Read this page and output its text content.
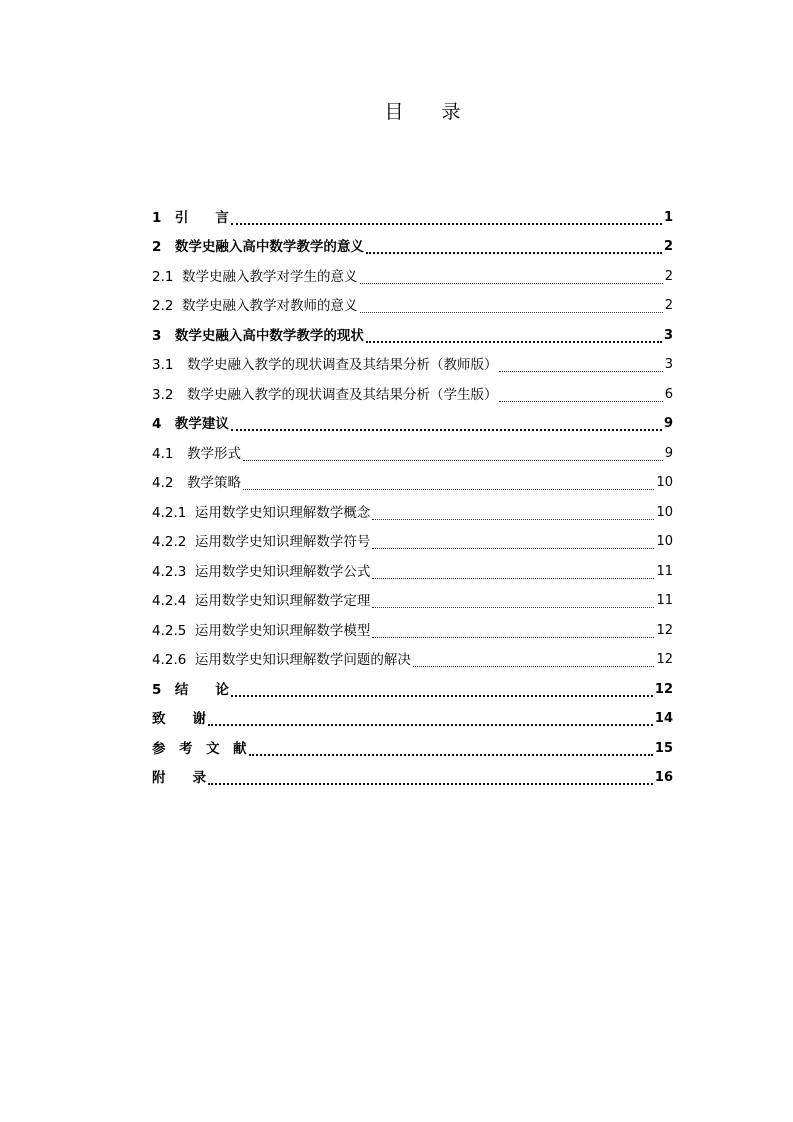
目　　录
1　引　　言	1
2　数学史融入高中数学教学的意义	2
2.1  数学史融入教学对学生的意义	2
2.2  数学史融入教学对教师的意义	2
3　数学史融入高中数学教学的现状	3
3.1　数学史融入教学的现状调查及其结果分析（教师版）	3
3.2　数学史融入教学的现状调查及其结果分析（学生版）	6
4　教学建议	9
4.1　教学形式	9
4.2　教学策略	10
4.2.1  运用数学史知识理解数学概念	10
4.2.2  运用数学史知识理解数学符号	10
4.2.3  运用数学史知识理解数学公式	11
4.2.4  运用数学史知识理解数学定理	11
4.2.5  运用数学史知识理解数学模型	12
4.2.6  运用数学史知识理解数学问题的解决	12
5　结　　论	12
致　　谢	14
参　考　文　献	15
附　　录	16
